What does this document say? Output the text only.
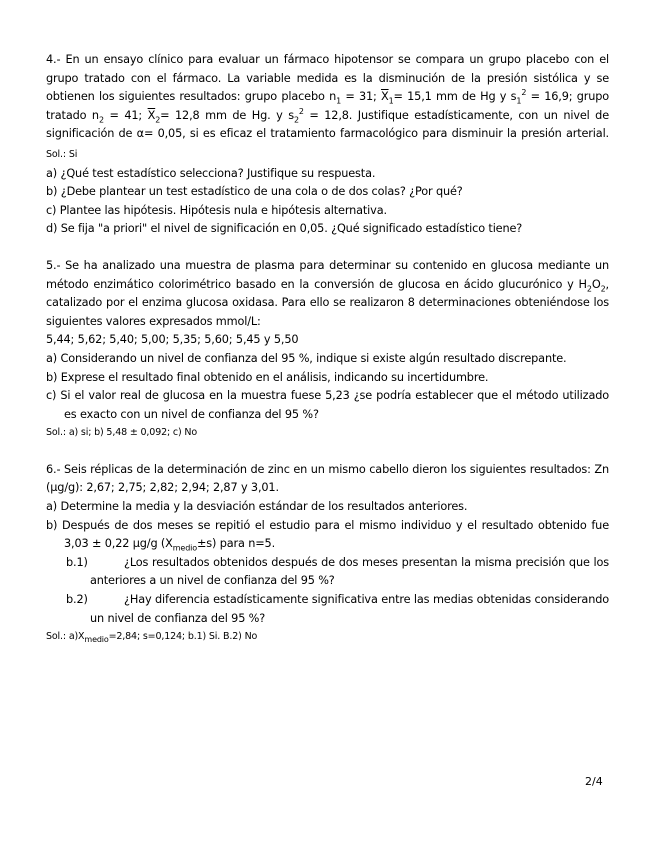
4.- En un ensayo clínico para evaluar un fármaco hipotensor se compara un grupo placebo con el grupo tratado con el fármaco. La variable medida es la disminución de la presión sistólica y se obtienen los siguientes resultados: grupo placebo $n_1 = 31$; $\overline{X}_1= 15,1$ mm de Hg y $s_1^2 = 16,9$; grupo tratado $n_2 = 41$; $\overline{X}_2= 12,8$ mm de Hg. y $s_2^2 = 12,8$. Justifique estadísticamente, con un nivel de significación de α= 0,05, si es eficaz el tratamiento farmacológico para disminuir la presión arterial. Sol.: Si

a) ¿Qué test estadístico selecciona? Justifique su respuesta.

b) ¿Debe plantear un test estadístico de una cola o de dos colas? ¿Por qué?

c) Plantee las hipótesis. Hipótesis nula e hipótesis alternativa.

d) Se fija "a priori" el nivel de significación en 0,05. ¿Qué significado estadístico tiene?

5.- Se ha analizado una muestra de plasma para determinar su contenido en glucosa mediante un método enzimático colorimétrico basado en la conversión de glucosa en ácido glucurónico y $H_2O_2$, catalizado por el enzima glucosa oxidasa. Para ello se realizaron 8 determinaciones obteniéndose los siguientes valores expresados mmol/L:

5,44; 5,62; 5,40; 5,00; 5,35; 5,60; 5,45 y 5,50

a) Considerando un nivel de confianza del 95 %, indique si existe algún resultado discrepante.

b) Exprese el resultado final obtenido en el análisis, indicando su incertidumbre.

c) Si el valor real de glucosa en la muestra fuese 5,23 ¿se podría establecer que el método utilizado es exacto con un nivel de confianza del 95 %?

Sol.: a) si; b) 5,48 ± 0,092; c) No

6.- Seis réplicas de la determinación de zinc en un mismo cabello dieron los siguientes resultados: Zn (µg/g): 2,67; 2,75; 2,82; 2,94; 2,87 y 3,01.

a) Determine la media y la desviación estándar de los resultados anteriores.

b) Después de dos meses se repitió el estudio para el mismo individuo y el resultado obtenido fue 3,03 ± 0,22 µg/g $(X_{medio}\pm s)$ para n=5.

b.1)	¿Los resultados obtenidos después de dos meses presentan la misma precisión que los anteriores a un nivel de confianza del 95 %?
b.2)	¿Hay diferencia estadísticamente significativa entre las medias obtenidas considerando un nivel de confianza del 95 %?

Sol.: $a)X_{medio}=2,84$; s=0,124; b.1) Si. B.2) No

2/4
